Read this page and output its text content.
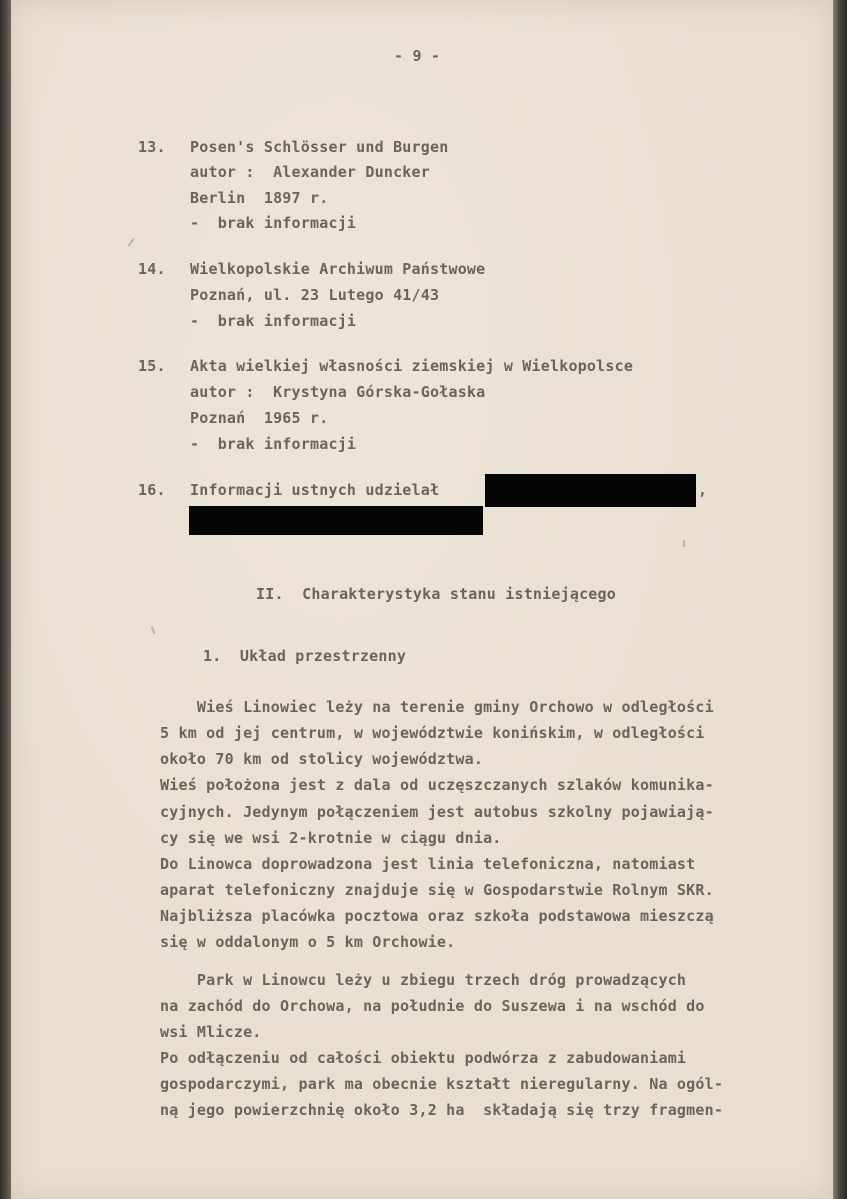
- 9 -
13. Posen's Schlösser und Burgen
autor :  Alexander Duncker
Berlin  1897 r.
-  brak informacji
14. Wielkopolskie Archiwum Państwowe
Poznań, ul. 23 Lutego 41/43
-  brak informacji
15. Akta wielkiej własności ziemskiej w Wielkopolsce
autor :  Krystyna Górska-Gołaska
Poznań  1965 r.
-  brak informacji
16. Informacji ustnych udzielał	,
II.  Charakterystyka stanu istniejącego
1.  Układ przestrzenny
Wieś Linowiec leży na terenie gminy Orchowo w odległości
5 km od jej centrum, w województwie konińskim, w odległości
około 70 km od stolicy województwa.
Wieś położona jest z dala od uczęszczanych szlaków komunika-
cyjnych. Jedynym połączeniem jest autobus szkolny pojawiają-
cy się we wsi 2-krotnie w ciągu dnia.
Do Linowca doprowadzona jest linia telefoniczna, natomiast
aparat telefoniczny znajduje się w Gospodarstwie Rolnym SKR.
Najbliższa placówka pocztowa oraz szkoła podstawowa mieszczą
się w oddalonym o 5 km Orchowie.
Park w Linowcu leży u zbiegu trzech dróg prowadzących
na zachód do Orchowa, na południe do Suszewa i na wschód do
wsi Mlicze.
Po odłączeniu od całości obiektu podwórza z zabudowaniami
gospodarczymi, park ma obecnie kształt nieregularny. Na ogól-
ną jego powierzchnię około 3,2 ha  składają się trzy fragmen-
